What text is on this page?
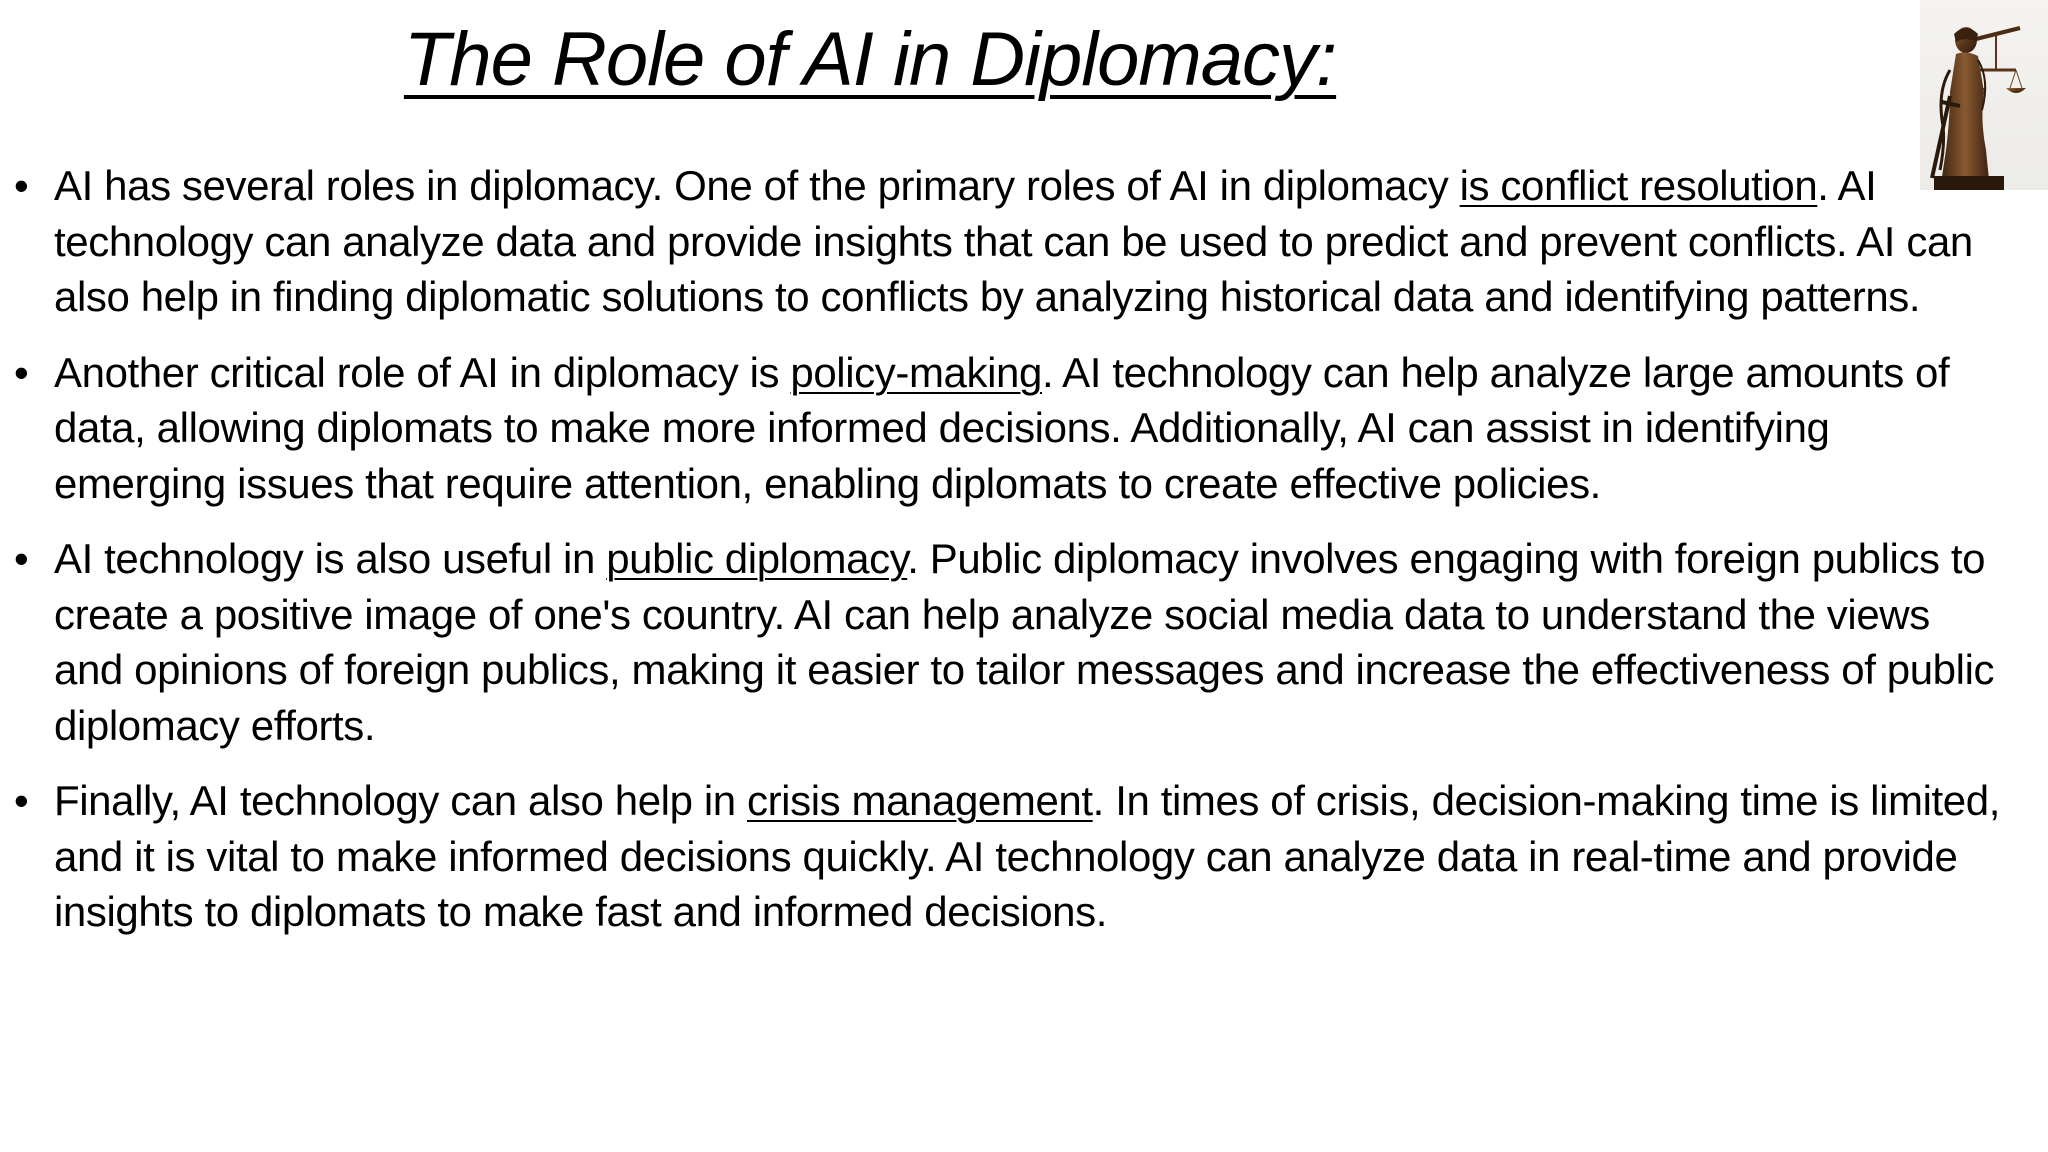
The Role of AI in Diplomacy:
• AI has several roles in diplomacy. One of the primary roles of AI in diplomacy is conflict resolution. AI technology can analyze data and provide insights that can be used to predict and prevent conflicts. AI can also help in finding diplomatic solutions to conflicts by analyzing historical data and identifying patterns.
• Another critical role of AI in diplomacy is policy-making. AI technology can help analyze large amounts of data, allowing diplomats to make more informed decisions. Additionally, AI can assist in identifying emerging issues that require attention, enabling diplomats to create effective policies.
• AI technology is also useful in public diplomacy. Public diplomacy involves engaging with foreign publics to create a positive image of one's country. AI can help analyze social media data to understand the views and opinions of foreign publics, making it easier to tailor messages and increase the effectiveness of public diplomacy efforts.
• Finally, AI technology can also help in crisis management. In times of crisis, decision-making time is limited, and it is vital to make informed decisions quickly. AI technology can analyze data in real-time and provide insights to diplomats to make fast and informed decisions.
